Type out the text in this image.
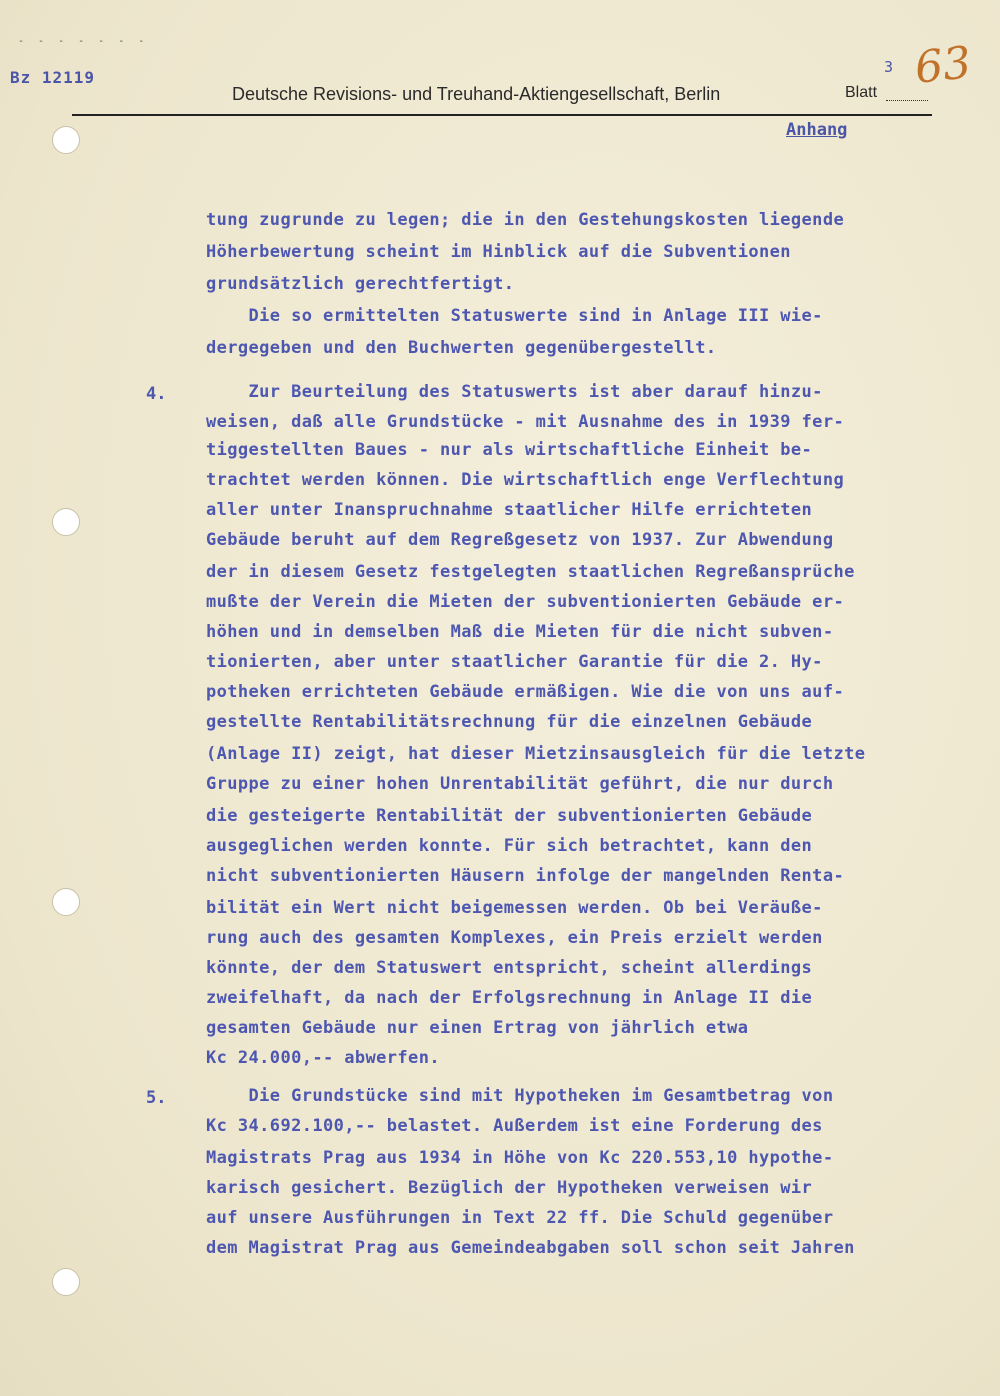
- - - - - - -
Bz 12119
Deutsche Revisions- und Treuhand-Aktiengesellschaft, Berlin
3 63
Blatt
Anhang
4.
5.
tung zugrunde zu legen; die in den Gestehungskosten liegende
Höherbewertung scheint im Hinblick auf die Subventionen
grundsätzlich gerechtfertigt.
Die so ermittelten Statuswerte sind in Anlage III wie-
dergegeben und den Buchwerten gegenübergestellt.
Zur Beurteilung des Statuswerts ist aber darauf hinzu-
weisen, daß alle Grundstücke - mit Ausnahme des in 1939 fer-
tiggestellten Baues - nur als wirtschaftliche Einheit be-
trachtet werden können. Die wirtschaftlich enge Verflechtung
aller unter Inanspruchnahme staatlicher Hilfe errichteten
Gebäude beruht auf dem Regreßgesetz von 1937. Zur Abwendung
der in diesem Gesetz festgelegten staatlichen Regreßansprüche
mußte der Verein die Mieten der subventionierten Gebäude er-
höhen und in demselben Maß die Mieten für die nicht subven-
tionierten, aber unter staatlicher Garantie für die 2. Hy-
potheken errichteten Gebäude ermäßigen. Wie die von uns auf-
gestellte Rentabilitätsrechnung für die einzelnen Gebäude
(Anlage II) zeigt, hat dieser Mietzinsausgleich für die letzte
Gruppe zu einer hohen Unrentabilität geführt, die nur durch
die gesteigerte Rentabilität der subventionierten Gebäude
ausgeglichen werden konnte. Für sich betrachtet, kann den
nicht subventionierten Häusern infolge der mangelnden Renta-
bilität ein Wert nicht beigemessen werden. Ob bei Veräuße-
rung auch des gesamten Komplexes, ein Preis erzielt werden
könnte, der dem Statuswert entspricht, scheint allerdings
zweifelhaft, da nach der Erfolgsrechnung in Anlage II die
gesamten Gebäude nur einen Ertrag von jährlich etwa
Kc 24.000,-- abwerfen.
Die Grundstücke sind mit Hypotheken im Gesamtbetrag von
Kc 34.692.100,-- belastet. Außerdem ist eine Forderung des
Magistrats Prag aus 1934 in Höhe von Kc 220.553,10 hypothe-
karisch gesichert. Bezüglich der Hypotheken verweisen wir
auf unsere Ausführungen in Text 22 ff. Die Schuld gegenüber
dem Magistrat Prag aus Gemeindeabgaben soll schon seit Jahren
